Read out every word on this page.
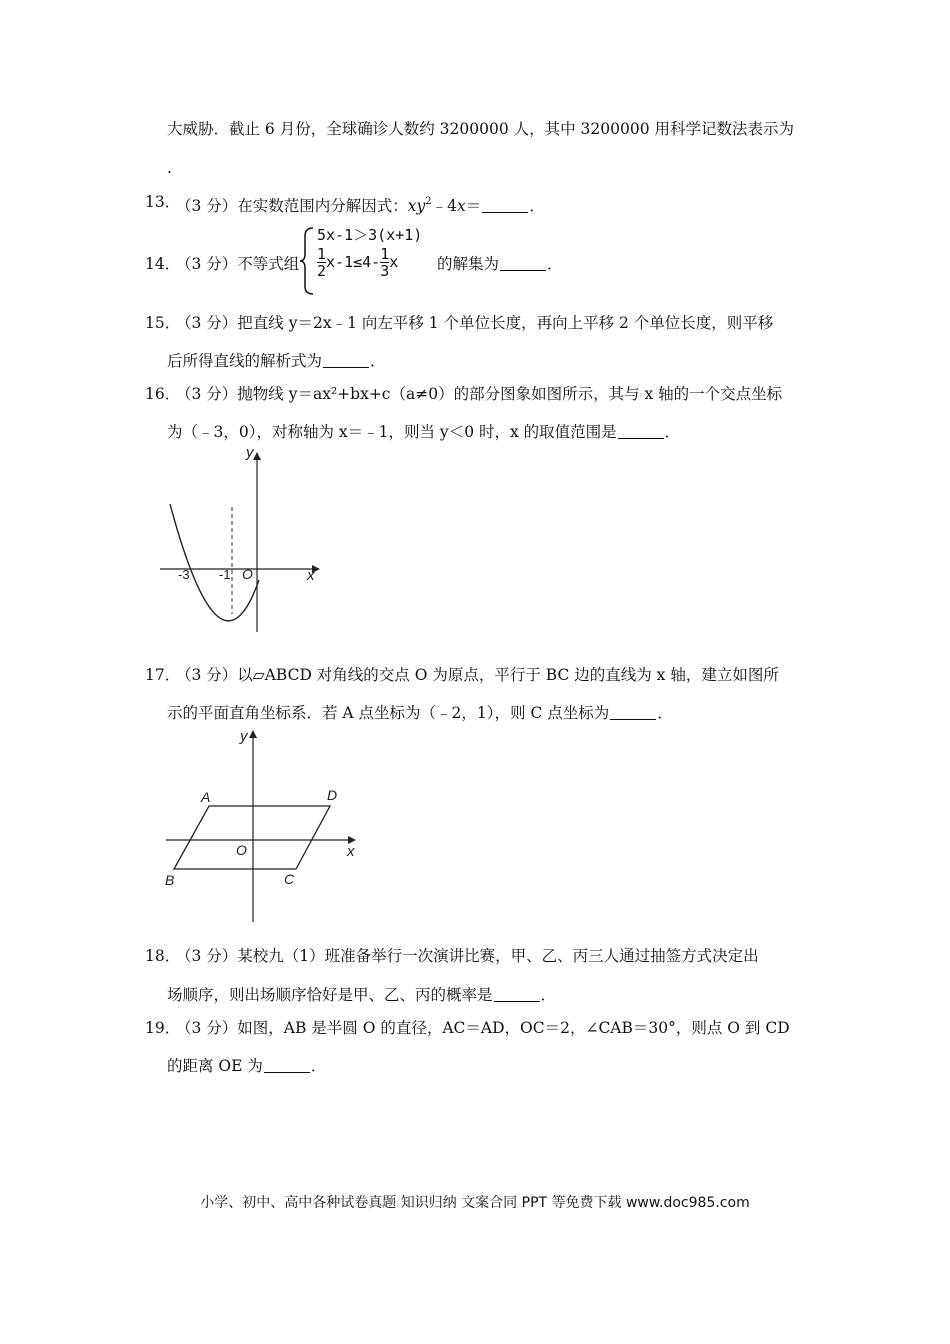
大威胁．截止 6 月份，全球确诊人数约 3200000 人，其中 3200000 用科学记数法表示为
.
13．
（3 分）在实数范围内分解因式：$xy^2﹣4x=$	．
14．
（3 分）不等式组
5x-1＞3(x+1)
$\frac{1}{2} x-1\le 4- \frac{1}{3}$ x 的解集为	．
15．
（3 分）把直线 y＝2x﹣1 向左平移 1 个单位长度，再向上平移 2 个单位长度，则平移
后所得直线的解析式为	．
16．
（3 分）抛物线 y＝ax²+bx+c（a≠0）的部分图象如图所示，其与 x 轴的一个交点坐标
为（﹣3，0），对称轴为 x＝﹣1，则当 y＜0 时，x 的取值范围是	．
y
x
O
-3 -1
17．
（3 分）以▱ABCD 对角线的交点 O 为原点，平行于 BC 边的直线为 x 轴，建立如图所
示的平面直角坐标系．若 A 点坐标为（﹣2，1），则 C 点坐标为	．
y
x
O
A	D
B	C
18．
（3 分）某校九（1）班准备举行一次演讲比赛，甲、乙、丙三人通过抽签方式决定出
场顺序，则出场顺序恰好是甲、乙、丙的概率是	．
19．
（3 分）如图，AB 是半圆 O 的直径，AC＝AD，OC＝2，∠CAB＝30°，则点 O 到 CD
的距离 OE 为	．
小学、初中、高中各种试卷真题 知识归纳 文案合同 PPT 等免费下载 www.doc985.com
